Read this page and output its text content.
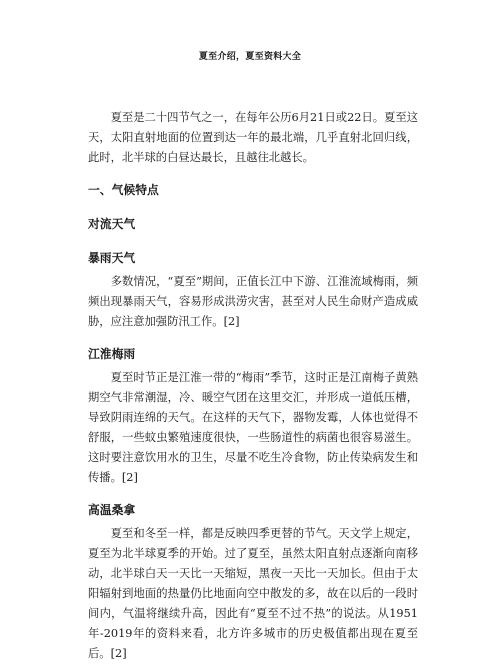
夏至介绍，夏至资料大全

夏至是二十四节气之一，在每年公历6月21日或22日。夏至这天，太阳直射地面的位置到达一年的最北端，几乎直射北回归线，此时，北半球的白昼达最长，且越往北越长。

一、气候特点
对流天气
暴雨天气

多数情况，“夏至”期间，正值长江中下游、江淮流域梅雨，频频出现暴雨天气，容易形成洪涝灾害，甚至对人民生命财产造成威胁，应注意加强防汛工作。[2]

江淮梅雨

夏至时节正是江淮一带的“梅雨”季节，这时正是江南梅子黄熟期空气非常潮湿，冷、暖空气团在这里交汇，并形成一道低压槽，导致阴雨连绵的天气。在这样的天气下，器物发霉，人体也觉得不舒服，一些蚊虫繁殖速度很快，一些肠道性的病菌也很容易滋生。这时要注意饮用水的卫生，尽量不吃生冷食物，防止传染病发生和传播。[2]

高温桑拿

夏至和冬至一样，都是反映四季更替的节气。天文学上规定，夏至为北半球夏季的开始。过了夏至，虽然太阳直射点逐渐向南移动，北半球白天一天比一天缩短，黑夜一天比一天加长。但由于太阳辐射到地面的热量仍比地面向空中散发的多，故在以后的一段时间内，气温将继续升高，因此有“夏至不过不热”的说法。从1951年-2019年的资料来看，北方许多城市的历史极值都出现在夏至后。[2]
